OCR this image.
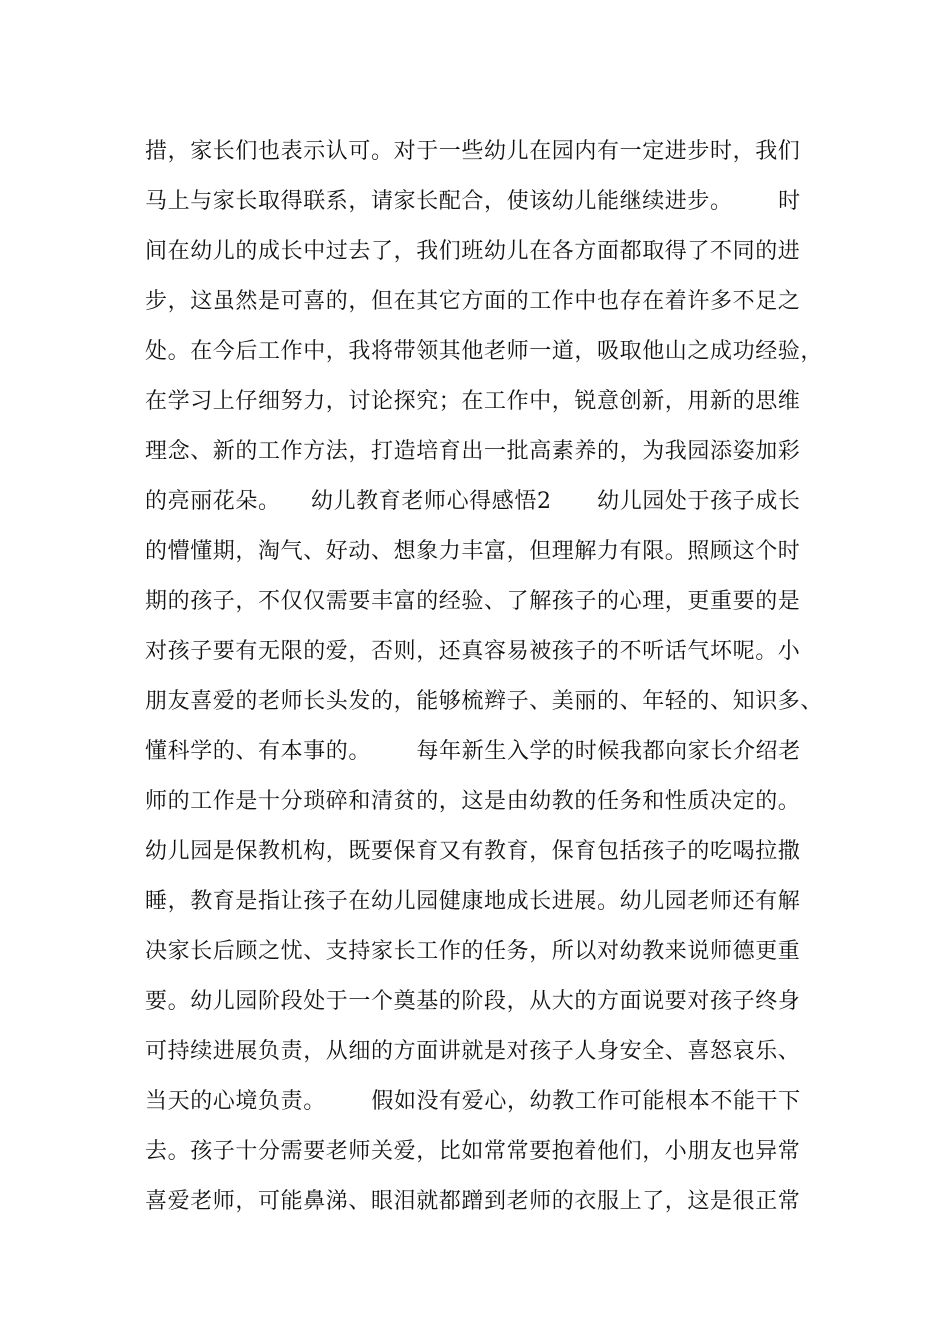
措，家长们也表示认可。对于一些幼儿在园内有一定进步时，我们
马上与家长取得联系，请家长配合，使该幼儿能继续进步。      时
间在幼儿的成长中过去了，我们班幼儿在各方面都取得了不同的进
步，这虽然是可喜的，但在其它方面的工作中也存在着许多不足之
处。在今后工作中，我将带领其他老师一道，吸取他山之成功经验，
在学习上仔细努力，讨论探究；在工作中，锐意创新，用新的思维
理念、新的工作方法，打造培育出一批高素养的，为我园添姿加彩
的亮丽花朵。    幼儿教育老师心得感悟2      幼儿园处于孩子成长
的懵懂期，淘气、好动、想象力丰富，但理解力有限。照顾这个时
期的孩子，不仅仅需要丰富的经验、了解孩子的心理，更重要的是
对孩子要有无限的爱，否则，还真容易被孩子的不听话气坏呢。小
朋友喜爱的老师长头发的，能够梳辫子、美丽的、年轻的、知识多、
懂科学的、有本事的。      每年新生入学的时候我都向家长介绍老
师的工作是十分琐碎和清贫的，这是由幼教的任务和性质决定的。
幼儿园是保教机构，既要保育又有教育，保育包括孩子的吃喝拉撒
睡，教育是指让孩子在幼儿园健康地成长进展。幼儿园老师还有解
决家长后顾之忧、支持家长工作的任务，所以对幼教来说师德更重
要。幼儿园阶段处于一个奠基的阶段，从大的方面说要对孩子终身
可持续进展负责，从细的方面讲就是对孩子人身安全、喜怒哀乐、
当天的心境负责。      假如没有爱心，幼教工作可能根本不能干下
去。孩子十分需要老师关爱，比如常常要抱着他们，小朋友也异常
喜爱老师，可能鼻涕、眼泪就都蹭到老师的衣服上了，这是很正常
